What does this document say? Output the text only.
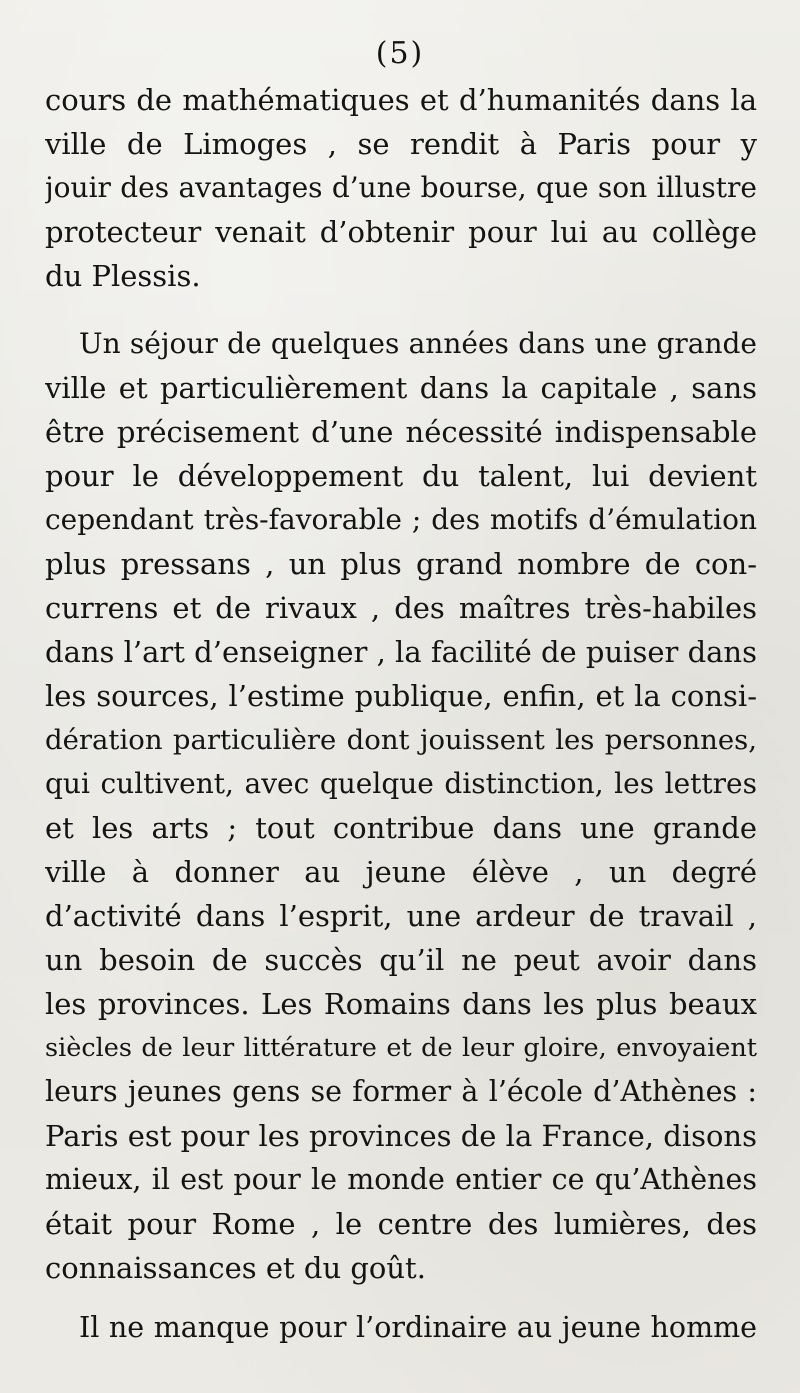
(5)

cours de mathématiques et d’humanités dans la
ville de Limoges , se rendit à Paris pour y
jouir des avantages d’une bourse, que son illustre
protecteur venait d’obtenir pour lui au collège
du Plessis.
Un séjour de quelques années dans une grande
ville et particulièrement dans la capitale , sans
être précisement d’une nécessité indispensable
pour le développement du talent, lui devient
cependant très-favorable ; des motifs d’émulation
plus pressans , un plus grand nombre de con-
currens et de rivaux , des maîtres très-habiles
dans l’art d’enseigner , la facilité de puiser dans
les sources, l’estime publique, enfin, et la consi-
dération particulière dont jouissent les personnes,
qui cultivent, avec quelque distinction, les lettres
et les arts ; tout contribue dans une grande
ville à donner au jeune élève , un degré
d’activité dans l’esprit, une ardeur de travail ,
un besoin de succès qu’il ne peut avoir dans
les provinces. Les Romains dans les plus beaux
siècles de leur littérature et de leur gloire, envoyaient
leurs jeunes gens se former à l’école d’Athènes :
Paris est pour les provinces de la France, disons
mieux, il est pour le monde entier ce qu’Athènes
était pour Rome , le centre des lumières, des
connaissances et du goût.
Il ne manque pour l’ordinaire au jeune homme
